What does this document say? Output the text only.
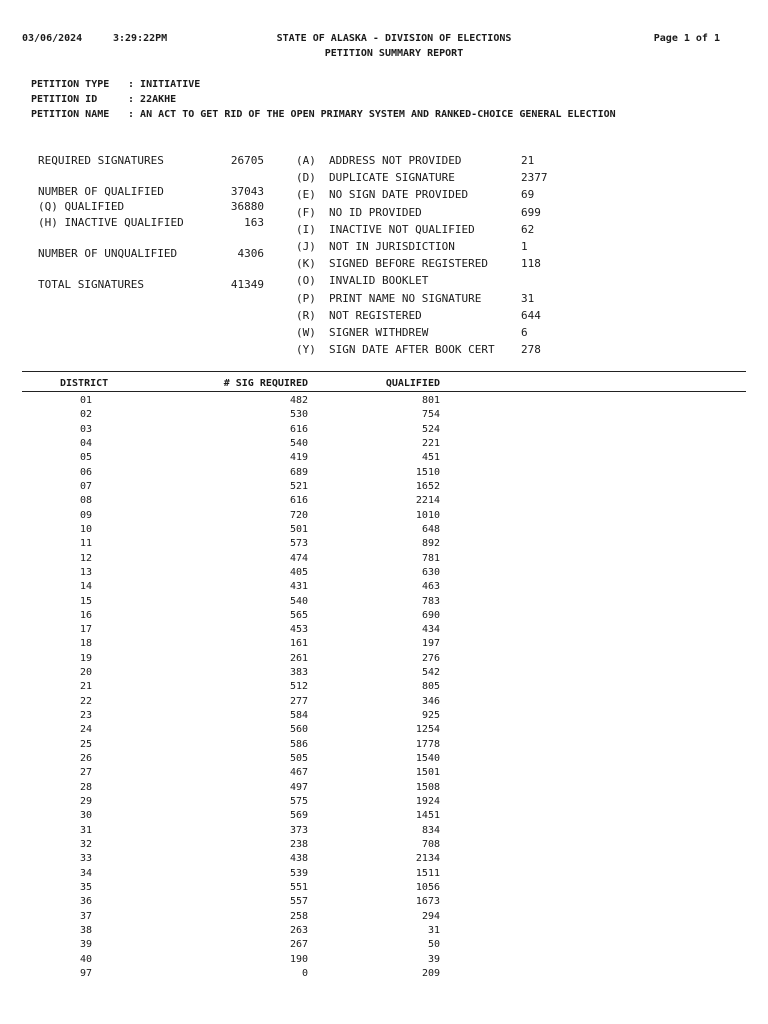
03/06/2024	3:29:22PM	STATE OF ALASKA - DIVISION OF ELECTIONS
PETITION SUMMARY REPORT
Page 1 of 1
PETITION TYPE : INITIATIVE
PETITION ID	: 22AKHE
PETITION NAME : AN ACT TO GET RID OF THE OPEN PRIMARY SYSTEM AND RANKED-CHOICE GENERAL ELECTION
REQUIRED SIGNATURES	26705
NUMBER OF QUALIFIED	37043
(Q) QUALIFIED	36880
(H) INACTIVE QUALIFIED	163
NUMBER OF UNQUALIFIED	4306
TOTAL SIGNATURES	41349
(A) ADDRESS NOT PROVIDED	21
(D) DUPLICATE SIGNATURE	2377
(E) NO SIGN DATE PROVIDED	69
(F) NO ID PROVIDED	699
(I) INACTIVE NOT QUALIFIED	62
(J) NOT IN JURISDICTION	1
(K) SIGNED BEFORE REGISTERED	118
(O) INVALID BOOKLET
(P) PRINT NAME NO SIGNATURE	31
(R) NOT REGISTERED	644
(W) SIGNER WITHDREW	6
(Y) SIGN DATE AFTER BOOK CERT 278
DISTRICT	# SIG REQUIRED	QUALIFIED
01	482	801
02	530	754
03	616	524
04	540	221
05	419	451
06	689	1510
07	521	1652
08	616	2214
09	720	1010
10	501	648
11	573	892
12	474	781
13	405	630
14	431	463
15	540	783
16	565	690
17	453	434
18	161	197
19	261	276
20	383	542
21	512	805
22	277	346
23	584	925
24	560	1254
25	586	1778
26	505	1540
27	467	1501
28	497	1508
29	575	1924
30	569	1451
31	373	834
32	238	708
33	438	2134
34	539	1511
35	551	1056
36	557	1673
37	258	294
38	263	31
39	267	50
40	190	39
97	0	209
